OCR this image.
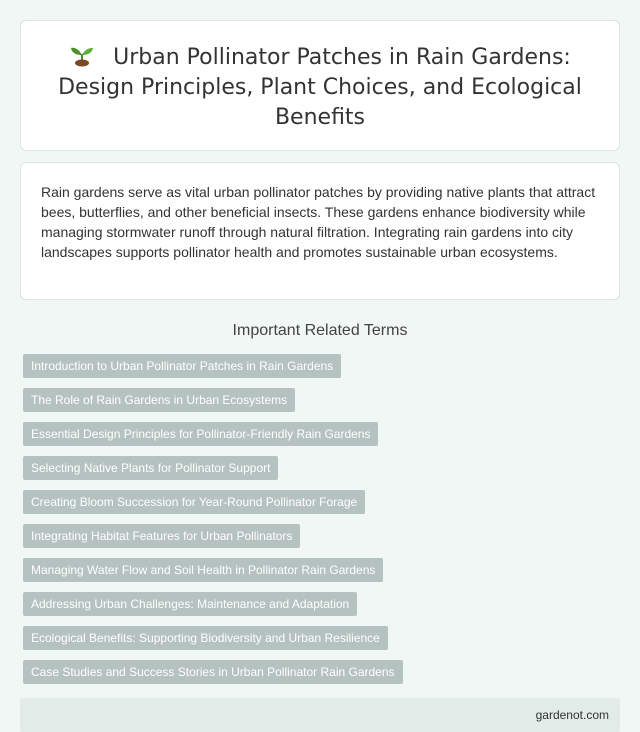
Urban Pollinator Patches in Rain Gardens: Design Principles, Plant Choices, and Ecological Benefits

Rain gardens serve as vital urban pollinator patches by providing native plants that attract bees, butterflies, and other beneficial insects. These gardens enhance biodiversity while managing stormwater runoff through natural filtration. Integrating rain gardens into city landscapes supports pollinator health and promotes sustainable urban ecosystems.

Important Related Terms
Introduction to Urban Pollinator Patches in Rain Gardens
The Role of Rain Gardens in Urban Ecosystems
Essential Design Principles for Pollinator-Friendly Rain Gardens
Selecting Native Plants for Pollinator Support
Creating Bloom Succession for Year-Round Pollinator Forage
Integrating Habitat Features for Urban Pollinators
Managing Water Flow and Soil Health in Pollinator Rain Gardens
Addressing Urban Challenges: Maintenance and Adaptation
Ecological Benefits: Supporting Biodiversity and Urban Resilience
Case Studies and Success Stories in Urban Pollinator Rain Gardens
gardenot.com
